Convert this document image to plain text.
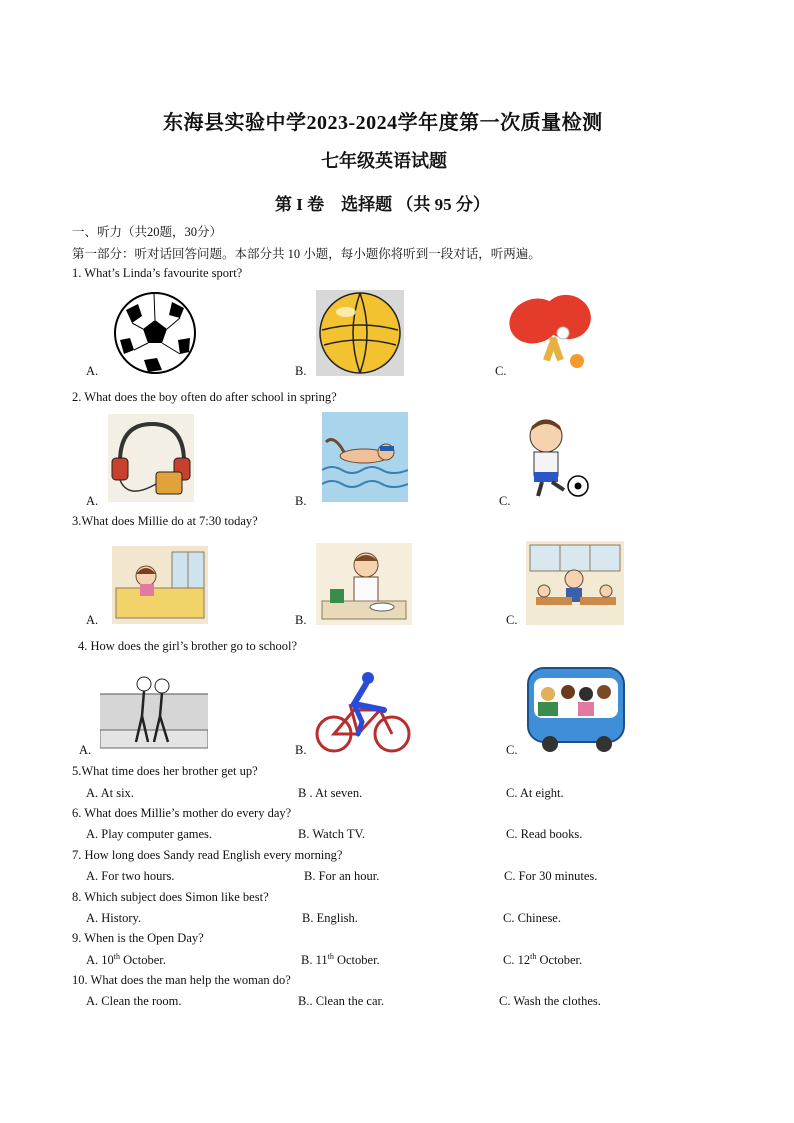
东海县实验中学2023-2024学年度第一次质量检测
七年级英语试题
第 I 卷　选择题 （共 95 分）
一、听力（共20题，30分）
第一部分：听对话回答问题。本部分共 10 小题，每小题你将听到一段对话，听两遍。
1. What’s Linda’s favourite sport?
A.	B.	C.
2. What does the boy often do after school in spring?
A.	B.	C.
3.What does Millie do at 7:30 today?
A.	B.	C.
4. How does the girl’s brother go to school?
A.	B.	C.
5.What time does her brother get up?
A. At six.	B . At seven.	C. At eight.
6. What does Millie’s mother do every day?
A. Play computer games.	B. Watch TV.	C. Read books.
7. How long does Sandy read English every morning?
A. For two hours.	B. For an hour.	C. For 30 minutes.
8. Which subject does Simon like best?
A. History.	B. English.	C. Chinese.
9. When is the Open Day?
A. 10th October.	B. 11th October.	C. 12th October.
10. What does the man help the woman do?
A. Clean the room.	B.. Clean the car.	C. Wash the clothes.
